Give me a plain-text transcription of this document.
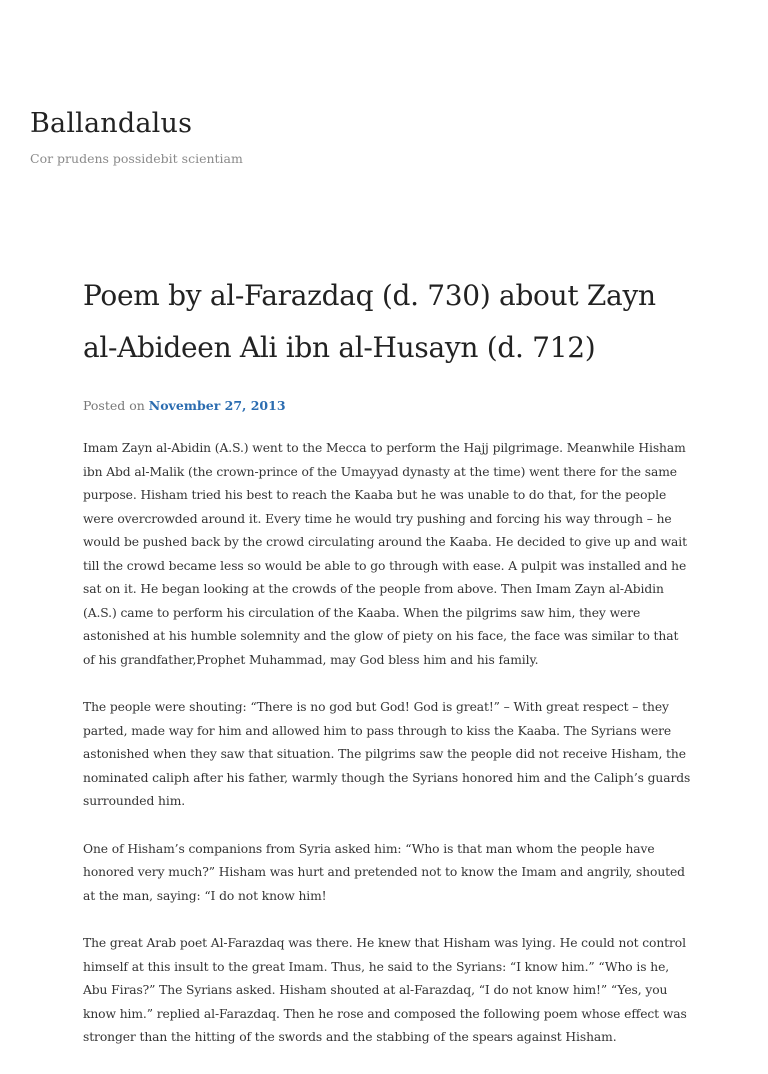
Ballandalus

Cor prudens possidebit scientiam

Poem by al-Farazdaq (d. 730) about Zayn al-Abideen Ali ibn al-Husayn (d. 712)
Posted on November 27, 2013

Imam Zayn al-Abidin (A.S.) went to the Mecca to perform the Hajj pilgrimage. Meanwhile Hisham ibn Abd al-Malik (the crown-prince of the Umayyad dynasty at the time) went there for the same purpose. Hisham tried his best to reach the Kaaba but he was unable to do that, for the people were overcrowded around it. Every time he would try pushing and forcing his way through – he would be pushed back by the crowd circulating around the Kaaba. He decided to give up and wait till the crowd became less so would be able to go through with ease. A pulpit was installed and he sat on it. He began looking at the crowds of the people from above. Then Imam Zayn al-Abidin (A.S.) came to perform his circulation of the Kaaba. When the pilgrims saw him, they were astonished at his humble solemnity and the glow of piety on his face, the face was similar to that of his grandfather,Prophet Muhammad, may God bless him and his family.

The people were shouting: “There is no god but God! God is great!” – With great respect – they parted, made way for him and allowed him to pass through to kiss the Kaaba. The Syrians were astonished when they saw that situation. The pilgrims saw the people did not receive Hisham, the nominated caliph after his father, warmly though the Syrians honored him and the Caliph’s guards surrounded him.

One of Hisham’s companions from Syria asked him: “Who is that man whom the people have honored very much?” Hisham was hurt and pretended not to know the Imam and angrily, shouted at the man, saying: “I do not know him!

The great Arab poet Al-Farazdaq was there. He knew that Hisham was lying. He could not control himself at this insult to the great Imam. Thus, he said to the Syrians: “I know him.” “Who is he, Abu Firas?” The Syrians asked. Hisham shouted at al-Farazdaq, “I do not know him!” “Yes, you know him.” replied al-Farazdaq. Then he rose and composed the following poem whose effect was stronger than the hitting of the swords and the stabbing of the spears against Hisham.
